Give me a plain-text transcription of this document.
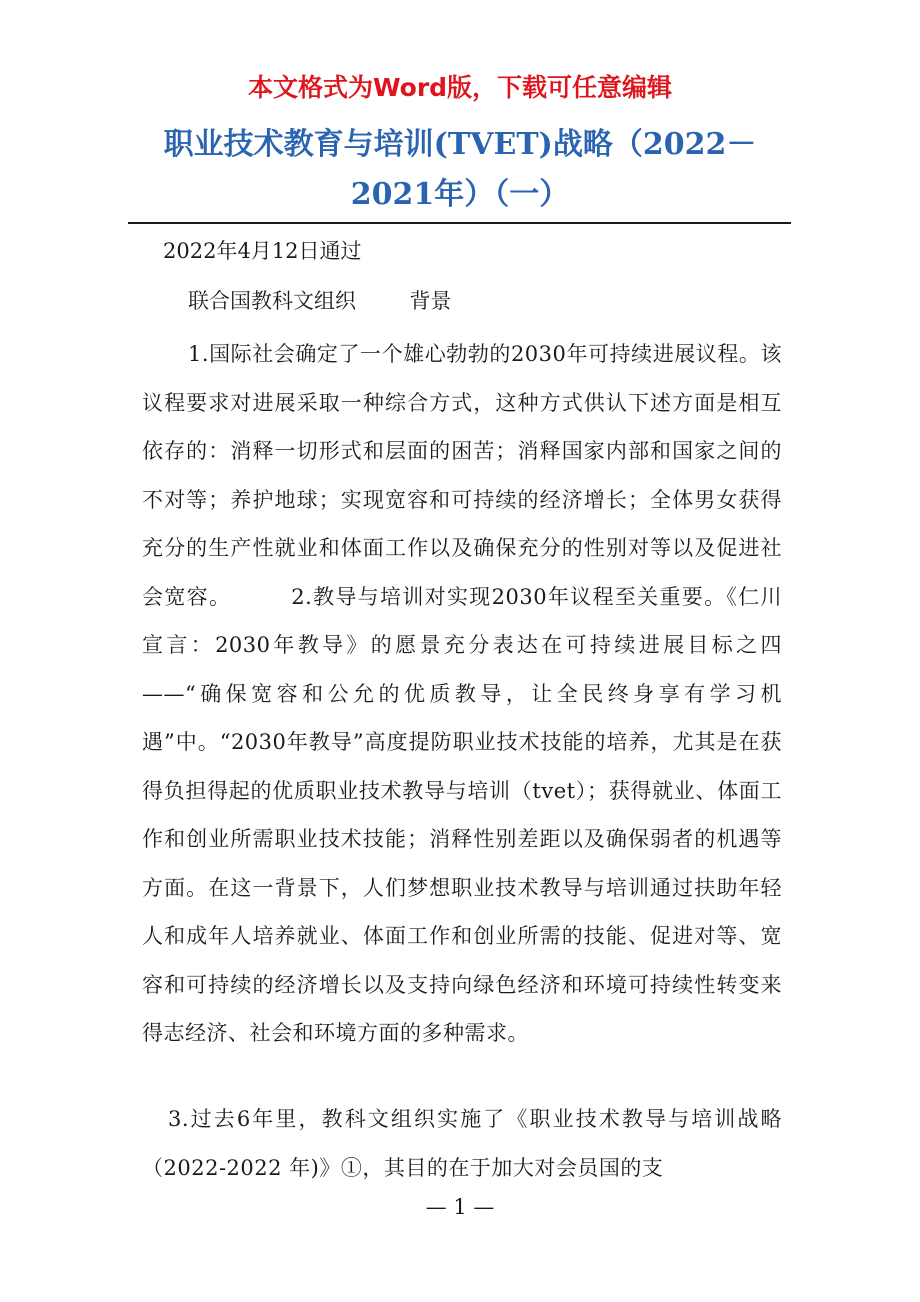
本文格式为Word版，下载可任意编辑
职业技术教育与培训(TVET)战略（2022－2021年）（一）
2022年4月12日通过
联合国教科文组织	背景
1.国际社会确定了一个雄心勃勃的2030年可持续进展议程。该议程要求对进展采取一种综合方式，这种方式供认下述方面是相互依存的：消释一切形式和层面的困苦；消释国家内部和国家之间的不对等；养护地球；实现宽容和可持续的经济增长；全体男女获得充分的生产性就业和体面工作以及确保充分的性别对等以及促进社会宽容。	2.教导与培训对实现2030年议程至关重要。《仁川宣言：2030年教导》的愿景充分表达在可持续进展目标之四——“确保宽容和公允的优质教导，让全民终身享有学习机遇”中。“2030年教导”高度提防职业技术技能的培养，尤其是在获得负担得起的优质职业技术教导与培训（tvet）；获得就业、体面工作和创业所需职业技术技能；消释性别差距以及确保弱者的机遇等方面。在这一背景下，人们梦想职业技术教导与培训通过扶助年轻人和成年人培养就业、体面工作和创业所需的技能、促进对等、宽容和可持续的经济增长以及支持向绿色经济和环境可持续性转变来得志经济、社会和环境方面的多种需求。
3.过去6年里，教科文组织实施了《职业技术教导与培训战略（2022-2022 年)》①，其目的在于加大对会员国的支
— 1 —
